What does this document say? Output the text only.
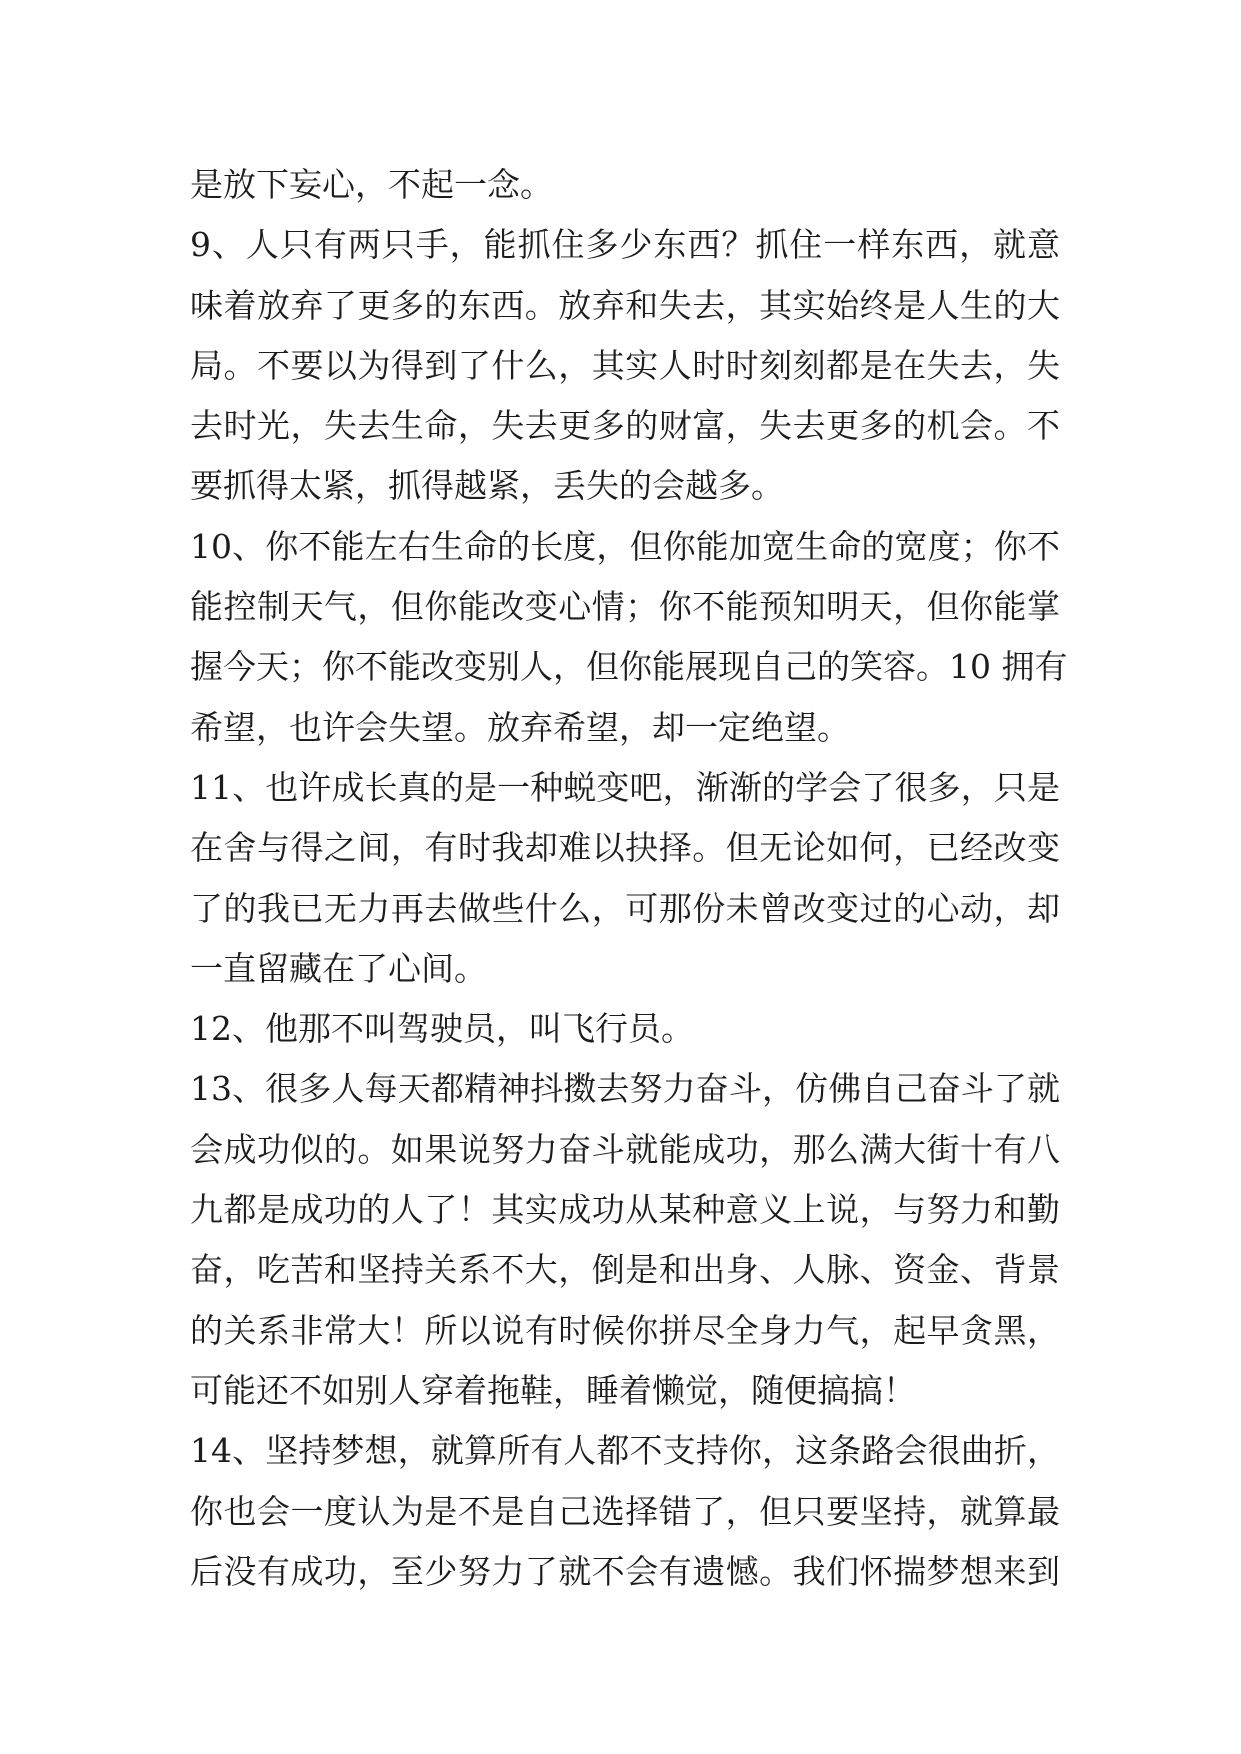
是放下妄心，不起一念。
9、人只有两只手，能抓住多少东西？抓住一样东西，就意
味着放弃了更多的东西。放弃和失去，其实始终是人生的大
局。不要以为得到了什么，其实人时时刻刻都是在失去，失
去时光，失去生命，失去更多的财富，失去更多的机会。不
要抓得太紧，抓得越紧，丢失的会越多。
10、你不能左右生命的长度，但你能加宽生命的宽度；你不
能控制天气，但你能改变心情；你不能预知明天，但你能掌
握今天；你不能改变别人，但你能展现自己的笑容。10 拥有
希望，也许会失望。放弃希望，却一定绝望。
11、也许成长真的是一种蜕变吧，渐渐的学会了很多，只是
在舍与得之间，有时我却难以抉择。但无论如何，已经改变
了的我已无力再去做些什么，可那份未曾改变过的心动，却
一直留藏在了心间。
12、他那不叫驾驶员，叫飞行员。
13、很多人每天都精神抖擞去努力奋斗，仿佛自己奋斗了就
会成功似的。如果说努力奋斗就能成功，那么满大街十有八
九都是成功的人了！其实成功从某种意义上说，与努力和勤
奋，吃苦和坚持关系不大，倒是和出身、人脉、资金、背景
的关系非常大！所以说有时候你拼尽全身力气，起早贪黑，
可能还不如别人穿着拖鞋，睡着懒觉，随便搞搞！
14、坚持梦想，就算所有人都不支持你，这条路会很曲折，
你也会一度认为是不是自己选择错了，但只要坚持，就算最
后没有成功，至少努力了就不会有遗憾。我们怀揣梦想来到
